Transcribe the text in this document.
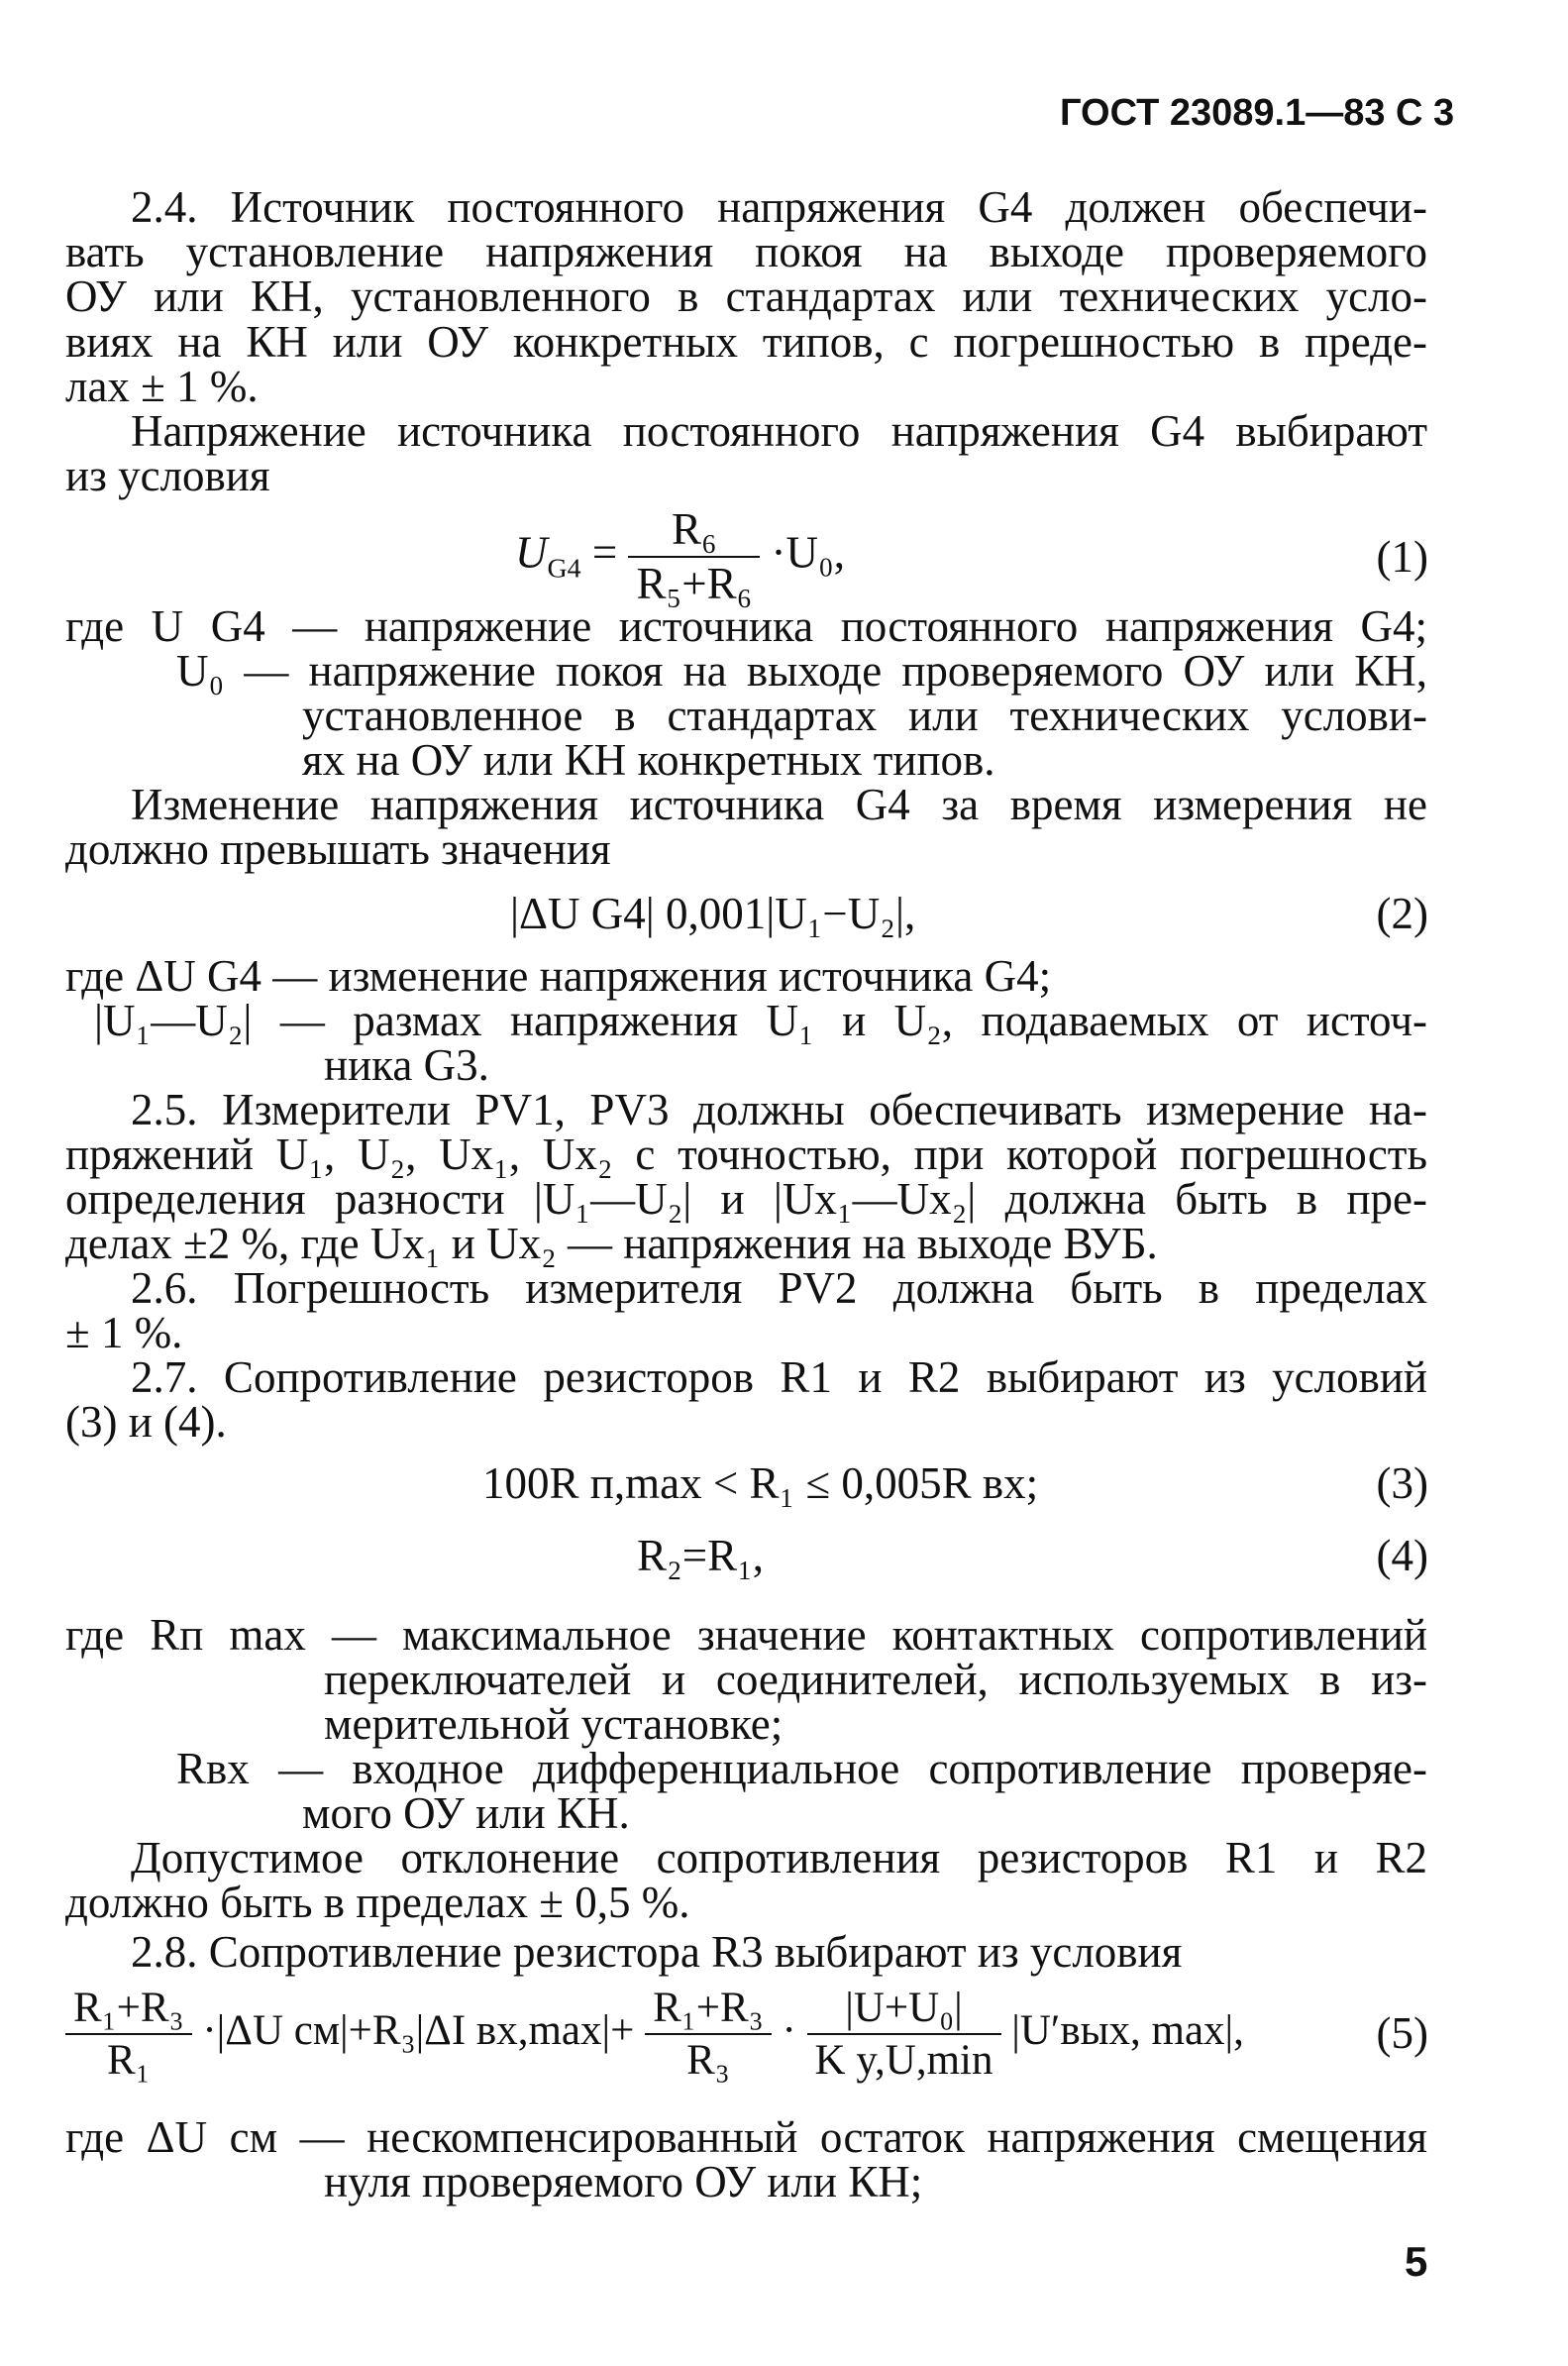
ГОСТ 23089.1—83 С 3
2.4. Источник постоянного напряжения G4 должен обеспечи-
вать установление напряжения покоя на выходе проверяемого
ОУ или КН, установленного в стандартах или технических усло-
виях на КН или ОУ конкретных типов, с погрешностью в преде-
лах ± 1 %.
Напряжение источника постоянного напряжения G4 выбирают
из условия
$U_{G4} = \frac{\text{R₆}}{\text{R₅+R₆}} \cdot U_0$,	(1)
где U G4 — напряжение источника постоянного напряжения G4;
U₀ — напряжение покоя на выходе проверяемого ОУ или КН,
установленное в стандартах или технических услови-
ях на ОУ или КН конкретных типов.
Изменение напряжения источника G4 за время измерения не
должно превышать значения
|ΔU G4| 0,001|U₁−U₂|,	(2)
где ΔU G4 — изменение напряжения источника G4;
|U₁—U₂| — размах напряжения U₁ и U₂, подаваемых от источ-
ника G3.
2.5. Измерители PV1, PV3 должны обеспечивать измерение на-
пряжений U₁, U₂, Ux₁, Ux₂ с точностью, при которой погрешность
определения разности |U₁—U₂| и |Ux₁—Ux₂| должна быть в пре-
делах ±2 %, где Ux₁ и Ux₂ — напряжения на выходе ВУБ.
2.6. Погрешность измерителя PV2 должна быть в пределах
± 1 %.
2.7. Сопротивление резисторов R1 и R2 выбирают из условий
(3) и (4).
100R п,max < R₁ ≤ 0,005R вх;	(3)
R₂=R₁,	(4)
где Rп max — максимальное значение контактных сопротивлений
переключателей и соединителей, используемых в из-
мерительной установке;
Rвх — входное дифференциальное сопротивление проверяе-
мого ОУ или КН.
Допустимое отклонение сопротивления резисторов R1 и R2
должно быть в пределах ± 0,5 %.
2.8. Сопротивление резистора R3 выбирают из условия
$\frac{\text{R₁+R₃}}{\text{R₁}} \cdot|\Delta U$ см|+R₃|ΔI $вх,\max|+ \frac{\text{R₁+R₃}}{\text{R₃}} \cdot \frac{\text{|U+U₀|}}{\text{K y,U,min}} |U'вых$, max|,	(5)
где ΔU см — нескомпенсированный остаток напряжения смещения
нуля проверяемого ОУ или КН;
5
